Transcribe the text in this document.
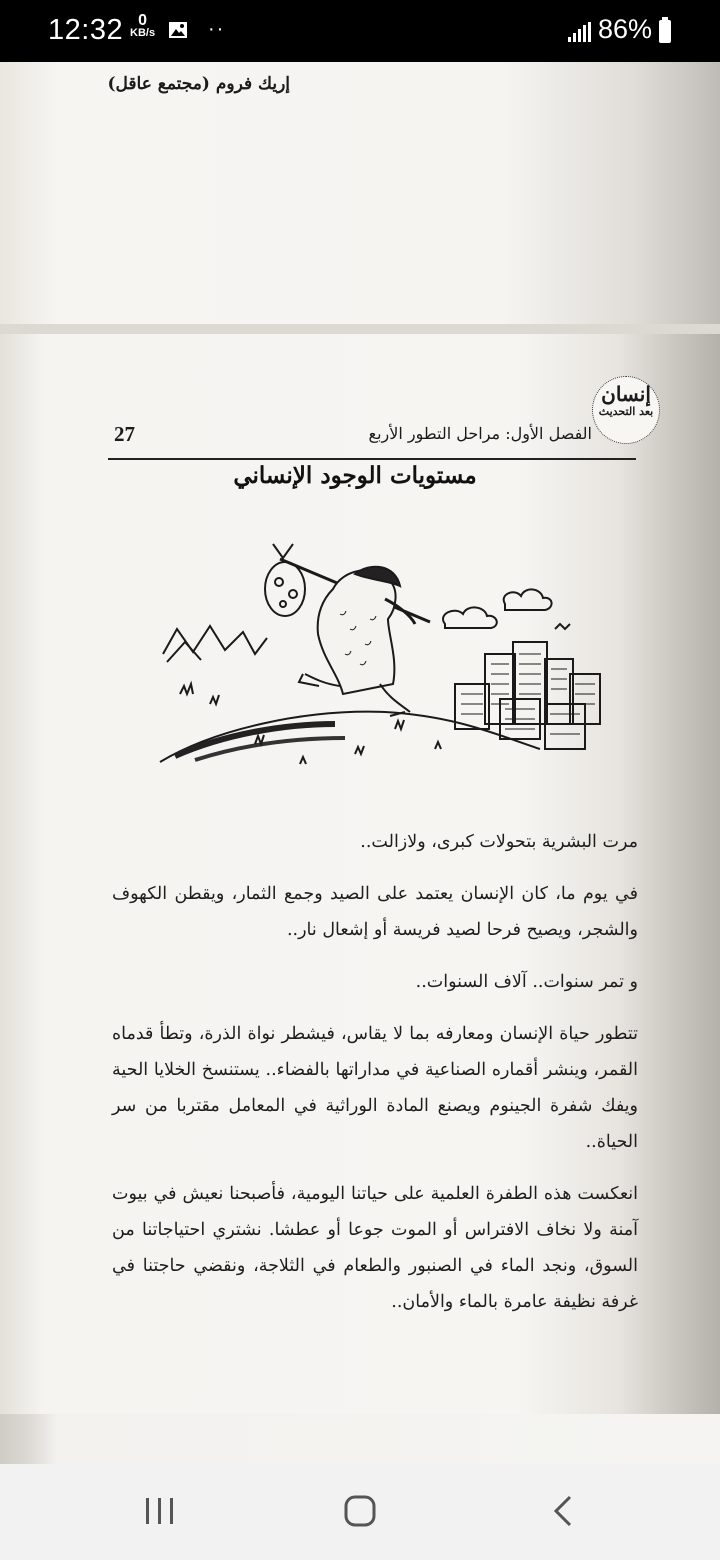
12:32 0
KB/s	··	86%
إريك فروم (مجتمع عاقل)
27	الفصل الأول: مراحل التطور الأربع
إنسان
بعد التحديث
مستويات الوجود الإنساني

مرت البشرية بتحولات كبرى، ولازالت..

في يوم ما، كان الإنسان يعتمد على الصيد وجمع الثمار، ويقطن الكهوف والشجر، ويصيح فرحا لصيد فريسة أو إشعال نار..

و تمر سنوات.. آلاف السنوات..

تتطور حياة الإنسان ومعارفه بما لا يقاس، فيشطر نواة الذرة، وتطأ قدماه القمر، وينشر أقماره الصناعية في مداراتها بالفضاء.. يستنسخ الخلايا الحية ويفك شفرة الجينوم ويصنع المادة الوراثية في المعامل مقتربا من سر الحياة..

انعكست هذه الطفرة العلمية على حياتنا اليومية، فأصبحنا نعيش في بيوت آمنة ولا نخاف الافتراس أو الموت جوعا أو عطشا. نشتري احتياجاتنا من السوق، ونجد الماء في الصنبور والطعام في الثلاجة، ونقضي حاجتنا في غرفة نظيفة عامرة بالماء والأمان..
